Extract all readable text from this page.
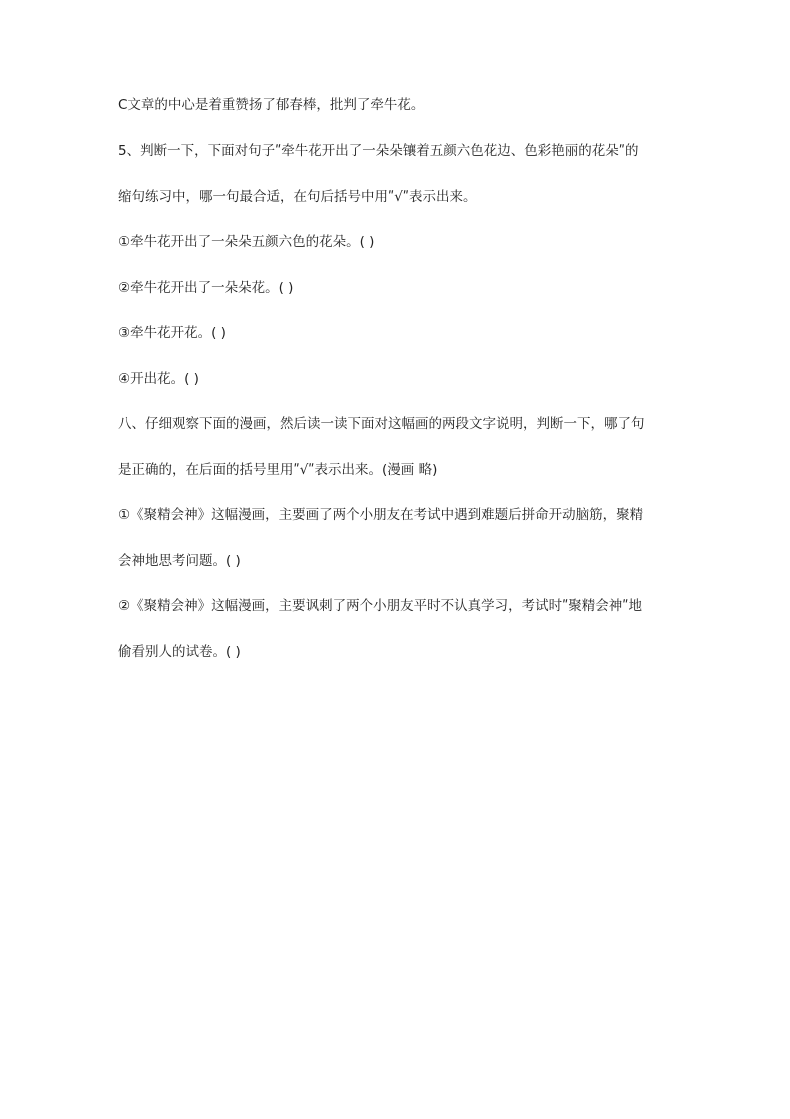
C文章的中心是着重赞扬了郁春棒，批判了牵牛花。
5、判断一下，下面对句子ʺ牵牛花开出了一朵朵镶着五颜六色花边、色彩艳丽的花朵ʺ的
缩句练习中，哪一句最合适，在句后括号中用ʺ√ʺ表示出来。
①牵牛花开出了一朵朵五颜六色的花朵。( )
②牵牛花开出了一朵朵花。( )
③牵牛花开花。( )
④开出花。( )
八、仔细观察下面的漫画，然后读一读下面对这幅画的两段文字说明，判断一下，哪了句
是正确的，在后面的括号里用ʺ√ʺ表示出来。(漫画 略)
①《聚精会神》这幅漫画，主要画了两个小朋友在考试中遇到难题后拼命开动脑筋，聚精
会神地思考问题。( )
②《聚精会神》这幅漫画，主要讽刺了两个小朋友平时不认真学习，考试时ʺ聚精会神ʺ地
偷看别人的试卷。( )
